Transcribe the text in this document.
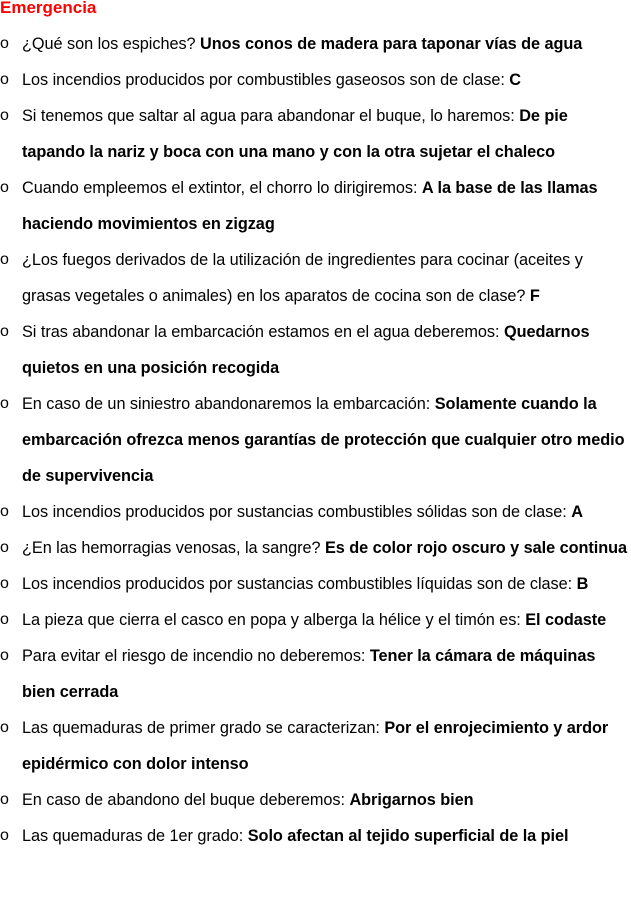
Emergencia
o ¿Qué son los espiches? Unos conos de madera para taponar vías de agua
o Los incendios producidos por combustibles gaseosos son de clase: C
o Si tenemos que saltar al agua para abandonar el buque, lo haremos: De pie tapando la nariz y boca con una mano y con la otra sujetar el chaleco
o Cuando empleemos el extintor, el chorro lo dirigiremos: A la base de las llamas haciendo movimientos en zigzag
o ¿Los fuegos derivados de la utilización de ingredientes para cocinar (aceites y grasas vegetales o animales) en los aparatos de cocina son de clase? F
o Si tras abandonar la embarcación estamos en el agua deberemos: Quedarnos quietos en una posición recogida
o En caso de un siniestro abandonaremos la embarcación: Solamente cuando la embarcación ofrezca menos garantías de protección que cualquier otro medio de supervivencia
o Los incendios producidos por sustancias combustibles sólidas son de clase: A
o ¿En las hemorragias venosas, la sangre? Es de color rojo oscuro y sale continua
o Los incendios producidos por sustancias combustibles líquidas son de clase: B
o La pieza que cierra el casco en popa y alberga la hélice y el timón es: El codaste
o Para evitar el riesgo de incendio no deberemos: Tener la cámara de máquinas bien cerrada
o Las quemaduras de primer grado se caracterizan: Por el enrojecimiento y ardor epidérmico con dolor intenso
o En caso de abandono del buque deberemos: Abrigarnos bien
o Las quemaduras de 1er grado: Solo afectan al tejido superficial de la piel
